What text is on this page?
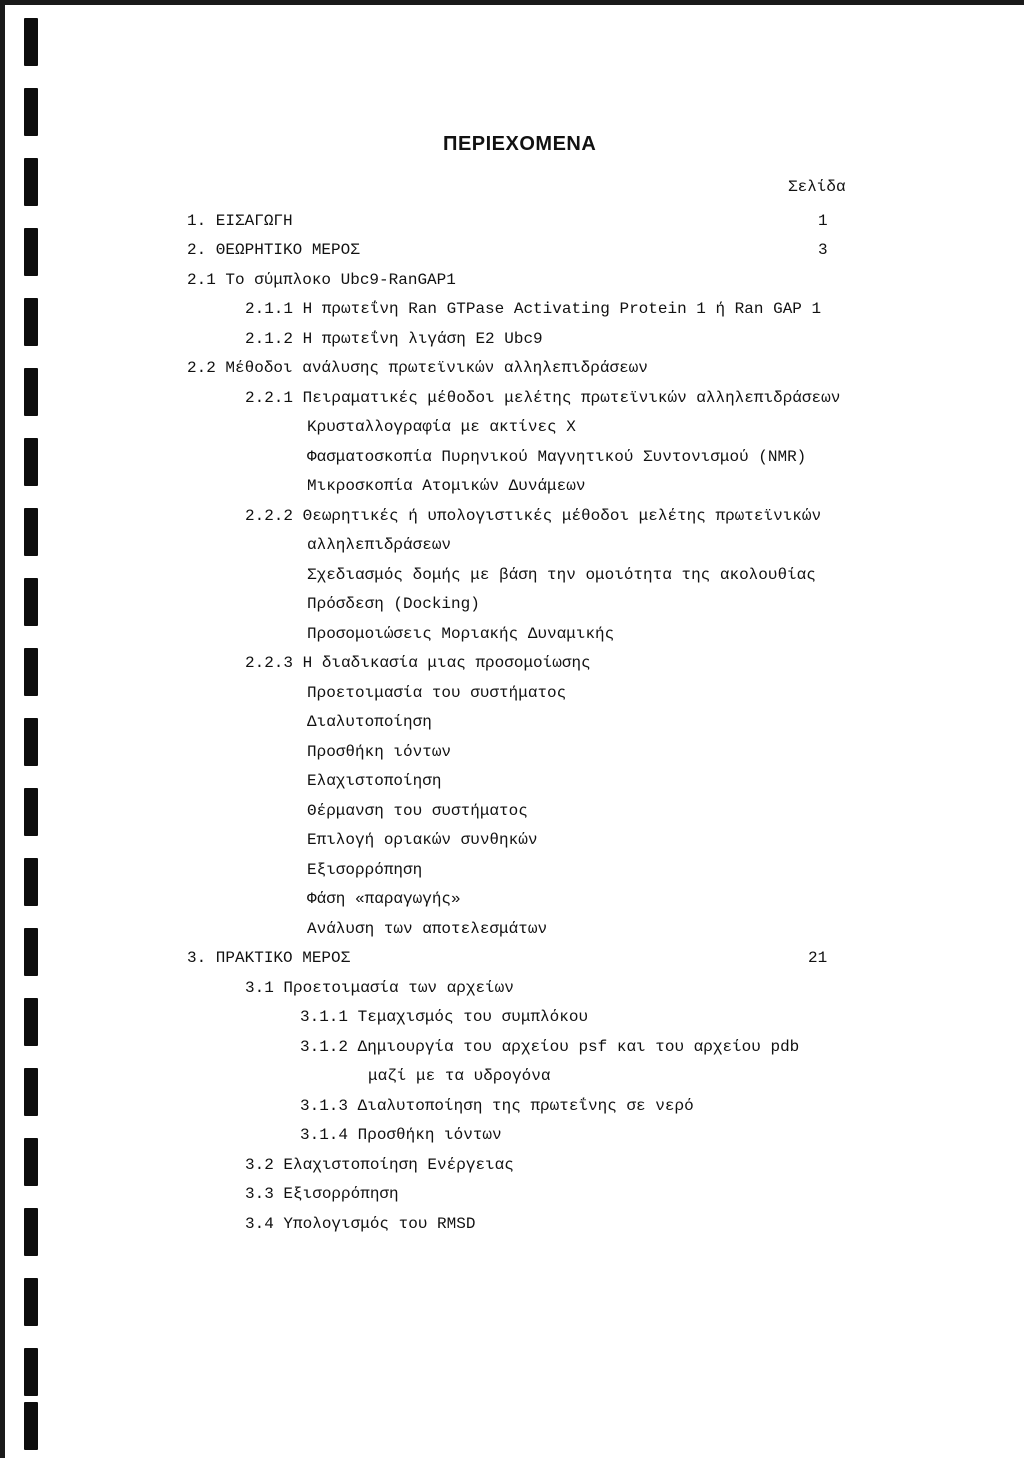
ΠΕΡΙΕΧΟΜΕΝΑ
Σελίδα
1. ΕΙΣΑΓΩΓΗ	1
2. ΘΕΩΡΗΤΙΚΟ ΜΕΡΟΣ	3
2.1 Το σύμπλοκο Ubc9-RanGAP1
2.1.1 Η πρωτεΐνη Ran GTPase Activating Protein 1 ή Ran GAP 1
2.1.2 Η πρωτεΐνη λιγάση Ε2 Ubc9
2.2 Μέθοδοι ανάλυσης πρωτεϊνικών αλληλεπιδράσεων
2.2.1 Πειραματικές μέθοδοι μελέτης πρωτεϊνικών αλληλεπιδράσεων
Κρυσταλλογραφία με ακτίνες Χ
Φασματοσκοπία Πυρηνικού Μαγνητικού Συντονισμού (NMR)
Μικροσκοπία Ατομικών Δυνάμεων
2.2.2 Θεωρητικές ή υπολογιστικές μέθοδοι μελέτης πρωτεϊνικών
αλληλεπιδράσεων
Σχεδιασμός δομής με βάση την ομοιότητα της ακολουθίας
Πρόσδεση (Docking)
Προσομοιώσεις Μοριακής Δυναμικής
2.2.3 Η διαδικασία μιας προσομοίωσης
Προετοιμασία του συστήματος
Διαλυτοποίηση
Προσθήκη ιόντων
Ελαχιστοποίηση
Θέρμανση του συστήματος
Επιλογή οριακών συνθηκών
Εξισορρόπηση
Φάση «παραγωγής»
Ανάλυση των αποτελεσμάτων
3. ΠΡΑΚΤΙΚΟ ΜΕΡΟΣ	21
3.1 Προετοιμασία των αρχείων
3.1.1 Τεμαχισμός του συμπλόκου
3.1.2 Δημιουργία του αρχείου psf και του αρχείου pdb
μαζί με τα υδρογόνα
3.1.3 Διαλυτοποίηση της πρωτεΐνης σε νερό
3.1.4 Προσθήκη ιόντων
3.2 Ελαχιστοποίηση Ενέργειας
3.3 Εξισορρόπηση
3.4 Υπολογισμός του RMSD
